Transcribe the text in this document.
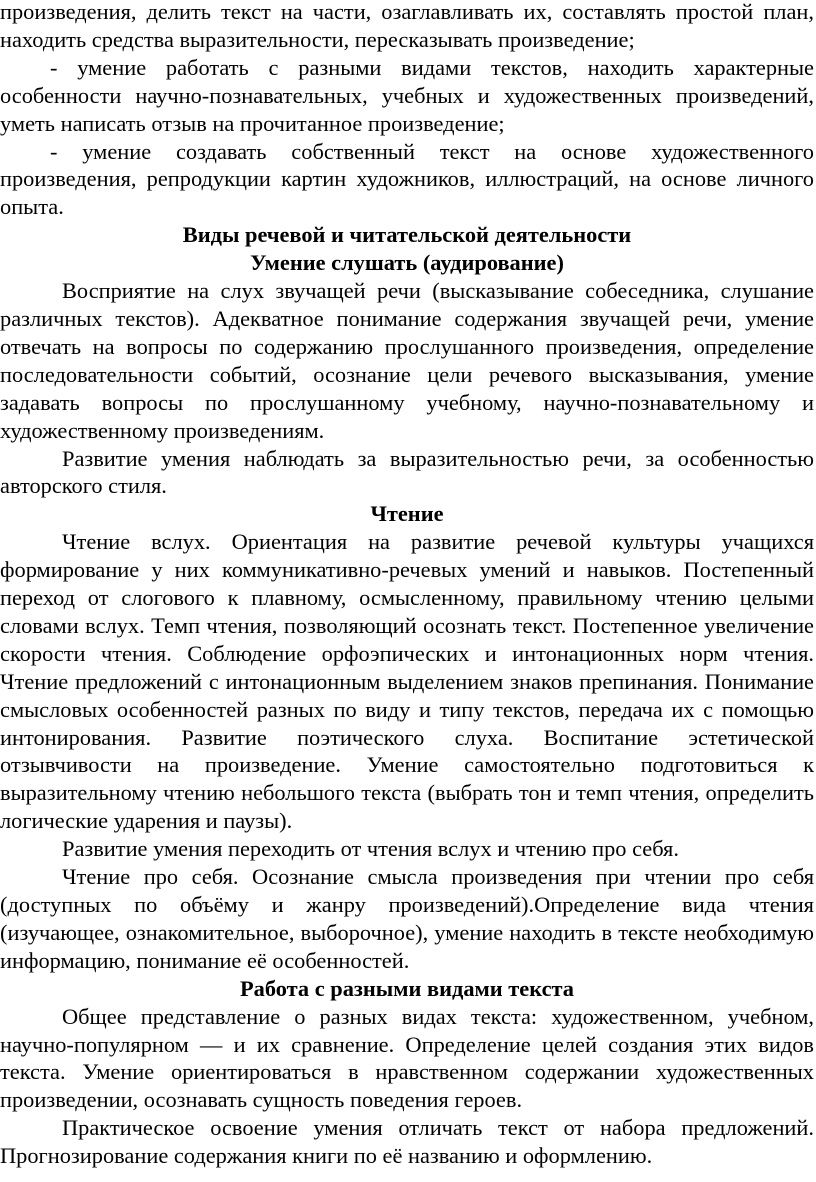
произведения, делить текст на части, озаглавливать их, составлять простой план, находить средства выразительности, пересказывать произведение;

- умение работать с разными видами текстов, находить характерные особенности научно-познавательных, учебных и художественных произведений, уметь написать отзыв на прочитанное произведение;

- умение создавать собственный текст на основе художественного произведения, репродукции картин художников, иллюстраций, на основе личного опыта.

Виды речевой и читательской деятельности

Умение слушать (аудирование)

Восприятие на слух звучащей речи (высказывание собеседника, слушание различных текстов). Адекватное понимание содержания звучащей речи, умение отвечать на вопросы по содержанию прослушанного произведения, определение последовательности событий, осознание цели речевого высказывания, умение задавать вопросы по прослушанному учебному, научно-познавательному и художественному произведениям.

Развитие умения наблюдать за выразительностью речи, за особенностью авторского стиля.

Чтение

Чтение вслух. Ориентация на развитие речевой культуры учащихся формирование у них коммуникативно-речевых умений и навыков. Постепенный переход от слогового к плавному, осмысленному, правильному чтению целыми словами вслух. Темп чтения, позволяющий осознать текст. Постепенное увеличение скорости чтения. Соблюдение орфоэпических и интонационных норм чтения. Чтение предложений с интонационным выделением знаков препинания. Понимание смысловых особенностей разных по виду и типу текстов, передача их с помощью интонирования. Развитие поэтического слуха. Воспитание эстетической отзывчивости на произведение. Умение самостоятельно подготовиться к выразительному чтению небольшого текста (выбрать тон и темп чтения, определить логические ударения и паузы).

Развитие умения переходить от чтения вслух и чтению про себя.

Чтение про себя. Осознание смысла произведения при чтении про себя (доступных по объёму и жанру произведений).Определение вида чтения (изучающее, ознакомительное, выборочное), умение находить в тексте необходимую информацию, понимание её особенностей.

Работа с разными видами текста

Общее представление о разных видах текста: художественном, учебном, научно-популярном — и их сравнение. Определение целей создания этих видов текста. Умение ориентироваться в нравственном содержании художественных произведении, осознавать сущность поведения героев.

Практическое освоение умения отличать текст от набора предложений. Прогнозирование содержания книги по её названию и оформлению.
